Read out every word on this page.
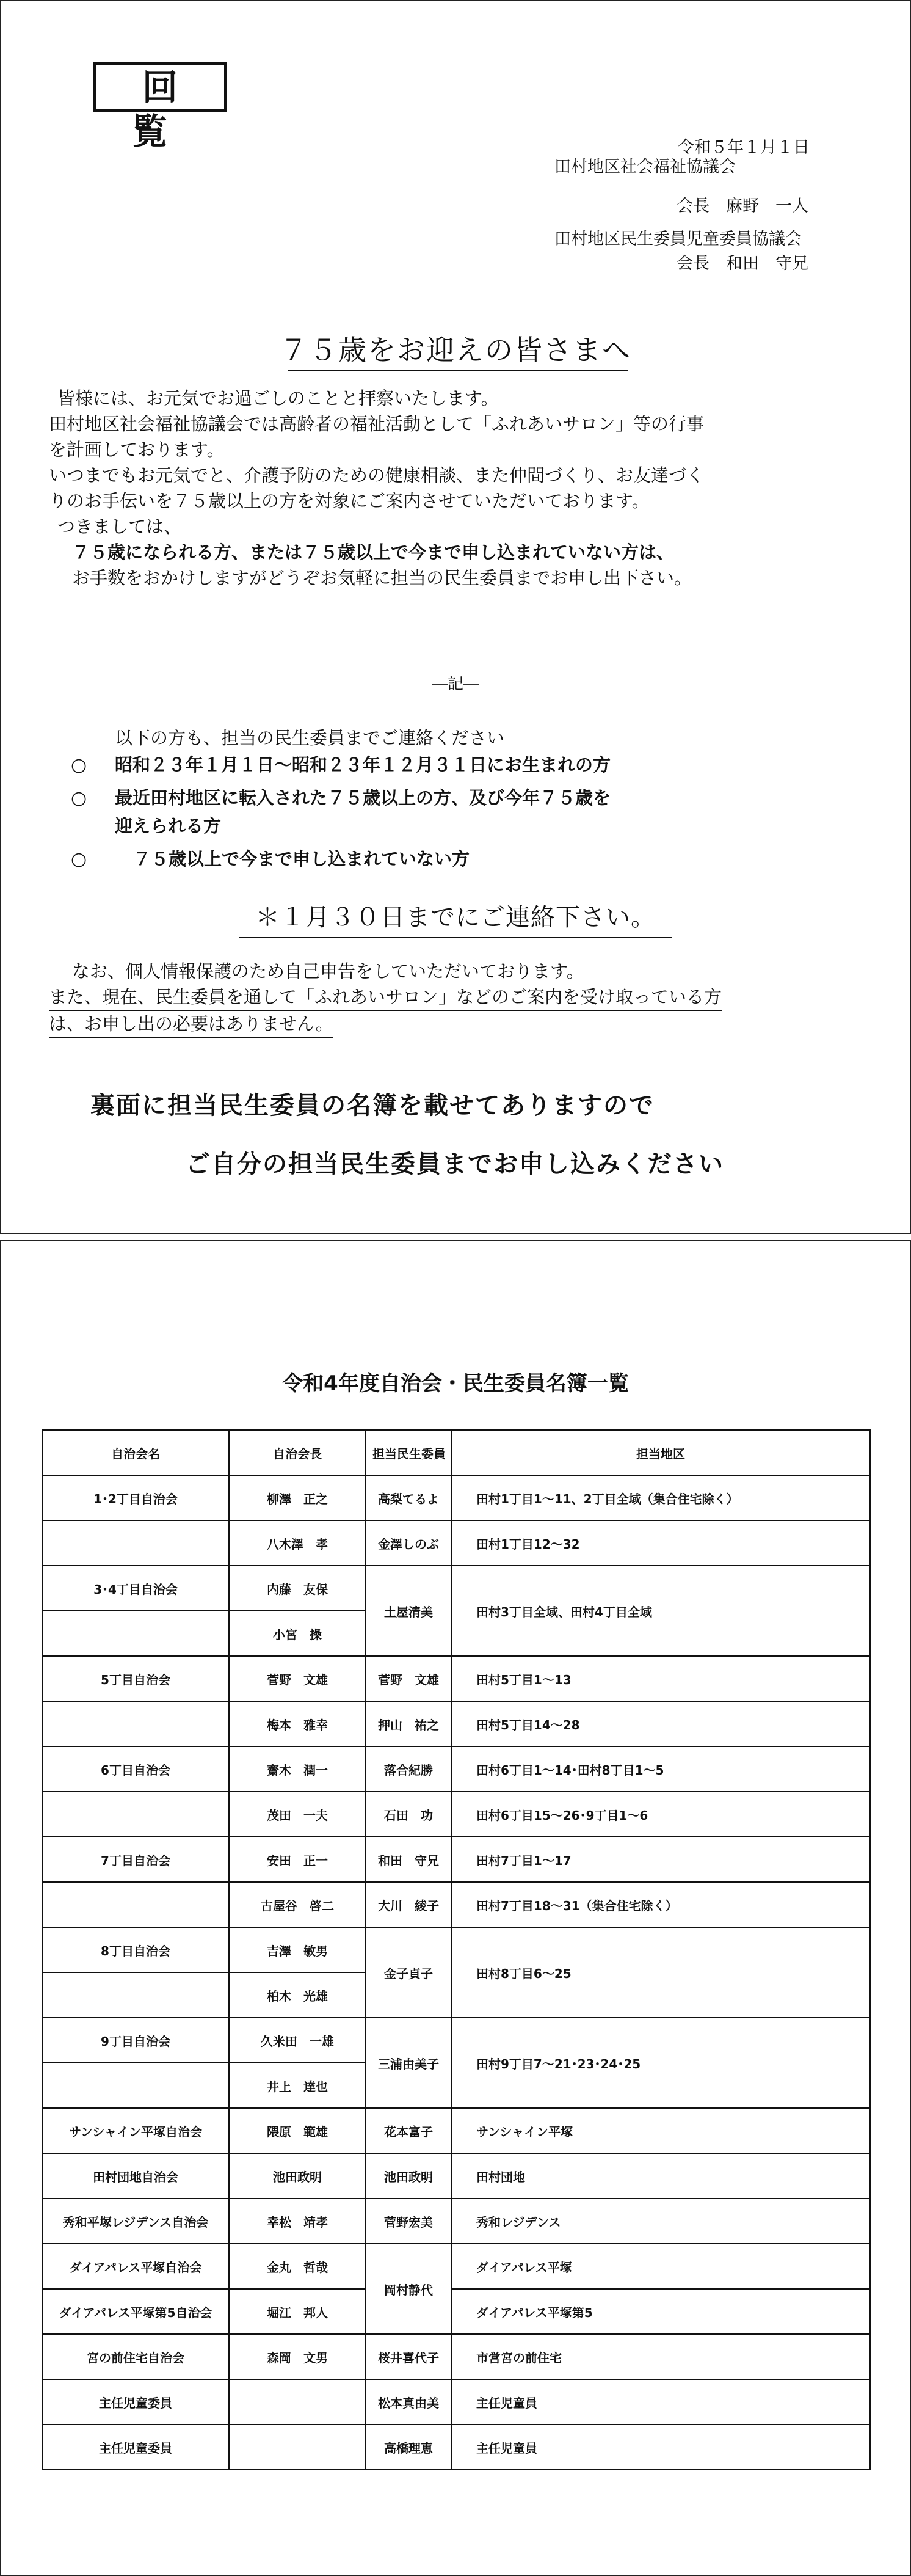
回覧	令和５年１月１日
田村地区社会福祉協議会
会長　麻野　一人
田村地区民生委員児童委員協議会
会長　和田　守兄
７５歳をお迎えの皆さまへ
皆様には、お元気でお過ごしのことと拝察いたします。
田村地区社会福祉協議会では高齢者の福祉活動として「ふれあいサロン」等の行事
を計画しております。
いつまでもお元気でと、介護予防のための健康相談、また仲間づくり、お友達づく
りのお手伝いを７５歳以上の方を対象にご案内させていただいております。
つきましては、
７５歳になられる方、または７５歳以上で今まで申し込まれていない方は、
お手数をおかけしますがどうぞお気軽に担当の民生委員までお申し出下さい。
―記―
以下の方も、担当の民生委員までご連絡ください
○ 昭和２３年１月１日～昭和２３年１２月３１日にお生まれの方
○ 最近田村地区に転入された７５歳以上の方、及び今年７５歳を
迎えられる方
○	７５歳以上で今まで申し込まれていない方
＊１月３０日までにご連絡下さい。
なお、個人情報保護のため自己申告をしていただいております。
また、現在、民生委員を通して「ふれあいサロン」などのご案内を受け取っている方
は、お申し出の必要はありません。
裏面に担当民生委員の名簿を載せてありますので
ご自分の担当民生委員までお申し込みください
令和4年度自治会・民生委員名簿一覧
自治会名	自治会長	担当民生委員	担当地区
1･2丁目自治会	柳澤　正之	高梨てるよ	田村1丁目1～11、2丁目全域（集合住宅除く）
	八木澤　孝	金澤しのぶ	田村1丁目12～32
3･4丁目自治会	内藤　友保	土屋清美	田村3丁目全域、田村4丁目全域
	小宮　操		
5丁目自治会	菅野　文雄	菅野　文雄	田村5丁目1～13
	梅本　雅幸	押山　祐之	田村5丁目14～28
6丁目自治会	齋木　潤一	落合紀勝	田村6丁目1～14･田村8丁目1～5
	茂田　一夫	石田　功	田村6丁目15～26･9丁目1～6
7丁目自治会	安田　正一	和田　守兄	田村7丁目1～17
	古屋谷　啓二	大川　綾子	田村7丁目18～31（集合住宅除く）
8丁目自治会	吉澤　敏男	金子貞子	田村8丁目6～25
	柏木　光雄		
9丁目自治会	久米田　一雄	三浦由美子	田村9丁目7～21･23･24･25
	井上　達也		
サンシャイン平塚自治会	隈原　範雄	花本富子	サンシャイン平塚
田村団地自治会	池田政明	池田政明	田村団地
秀和平塚レジデンス自治会	幸松　靖孝	菅野宏美	秀和レジデンス
ダイアパレス平塚自治会	金丸　哲哉	岡村静代	ダイアパレス平塚
ダイアパレス平塚第5自治会	堀江　邦人		ダイアパレス平塚第5
宮の前住宅自治会	森岡　文男	桜井喜代子	市営宮の前住宅
主任児童委員		松本真由美	主任児童員
主任児童委員		高橋理恵	主任児童員
